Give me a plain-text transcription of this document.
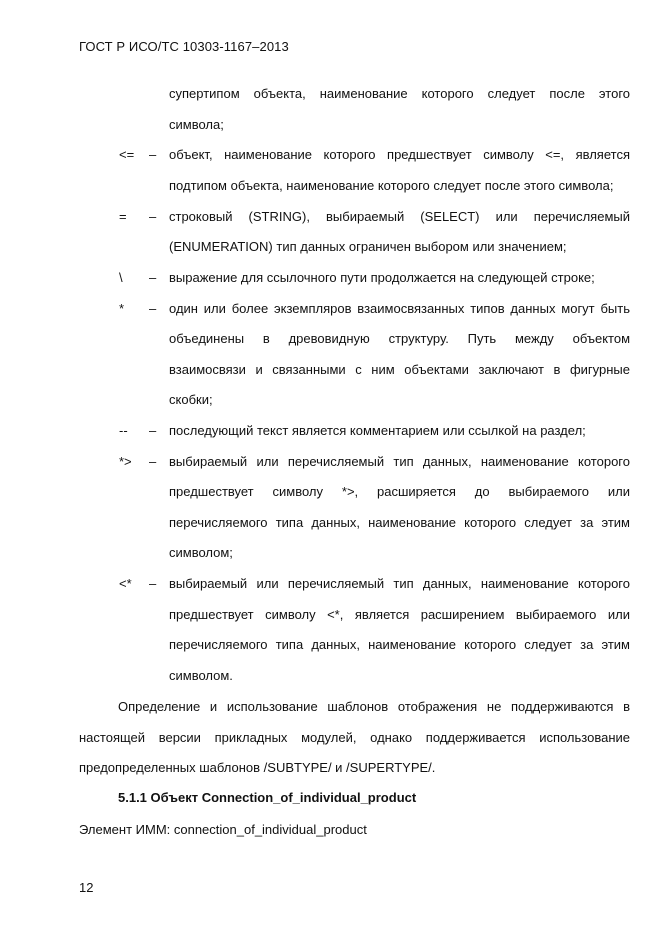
ГОСТ Р ИСО/ТС 10303-1167–2013
супертипом объекта, наименование которого следует после этого
символа;
<= – объект, наименование которого предшествует символу <=, является
подтипом объекта, наименование которого следует после этого символа;
= – строковый (STRING), выбираемый (SELECT) или перечисляемый
(ENUMERATION) тип данных ограничен выбором или значением;
\ – выражение для ссылочного пути продолжается на следующей строке;
* – один или более экземпляров взаимосвязанных типов данных могут быть
объединены в древовидную структуру. Путь между объектом
взаимосвязи и связанными с ним объектами заключают в фигурные
скобки;
-- – последующий текст является комментарием или ссылкой на раздел;
*> – выбираемый или перечисляемый тип данных, наименование которого
предшествует символу *>, расширяется до выбираемого или
перечисляемого типа данных, наименование которого следует за этим
символом;
<* – выбираемый или перечисляемый тип данных, наименование которого
предшествует символу <*, является расширением выбираемого или
перечисляемого типа данных, наименование которого следует за этим
символом.
Определение и использование шаблонов отображения не поддерживаются в
настоящей версии прикладных модулей, однако поддерживается использование
предопределенных шаблонов /SUBTYPE/ и /SUPERTYPE/.
5.1.1 Объект Connection_of_individual_product
Элемент ИММ: connection_of_individual_product
12
